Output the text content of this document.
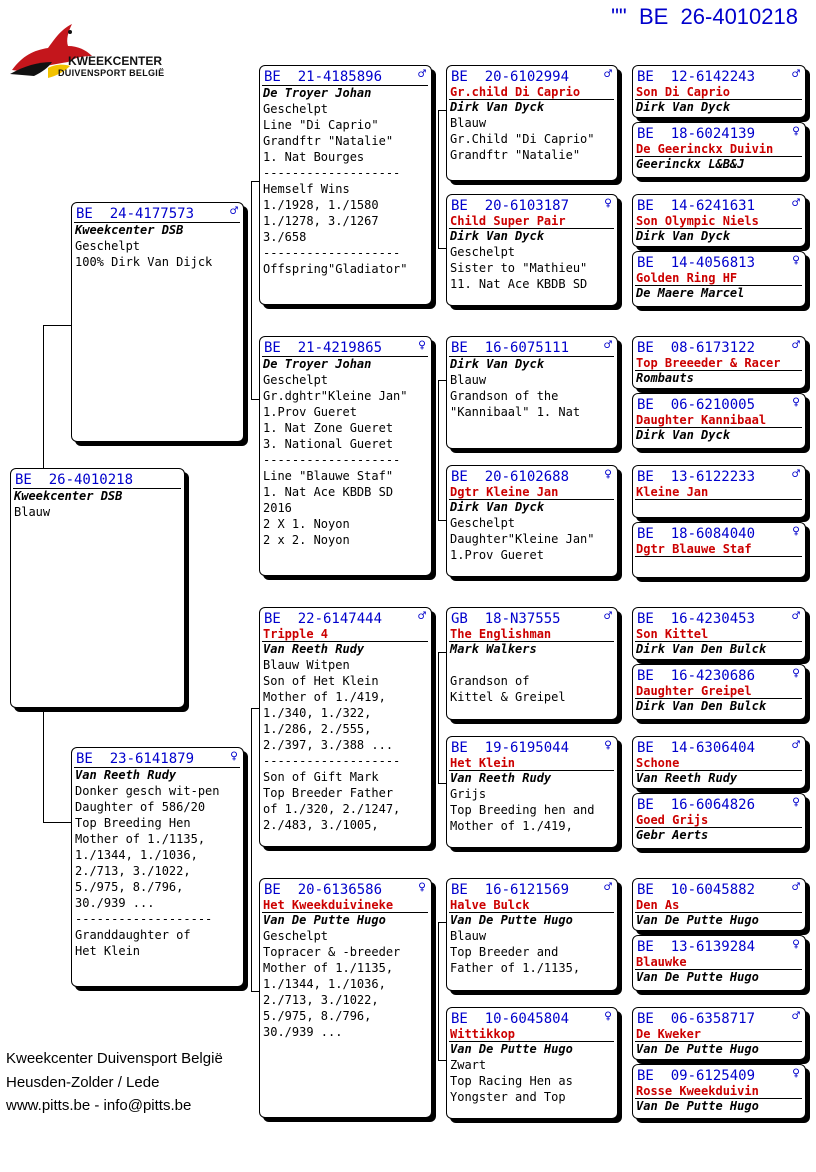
""  BE  26-4010218
KWEEKCENTER
DUIVENSPORT BELGIË
BE  26-4010218
Kweekcenter DSB
Blauw
BE  24-4177573	♂
Kweekcenter DSB
Geschelpt
100% Dirk Van Dijck
BE  23-6141879	♀
Van Reeth Rudy
Donker gesch wit-pen
Daughter of 586/20
Top Breeding Hen
Mother of 1./1135,
1./1344, 1./1036,
2./713, 3./1022,
5./975, 8./796,
30./939 ...
-------------------
Granddaughter of
Het Klein
BE  21-4185896	♂
De Troyer Johan
Geschelpt
Line "Di Caprio"
Grandftr "Natalie"
1. Nat Bourges
-------------------
Hemself Wins
1./1928, 1./1580
1./1278, 3./1267
3./658
-------------------
Offspring"Gladiator"
BE  21-4219865	♀
De Troyer Johan
Geschelpt
Gr.dghtr"Kleine Jan"
1.Prov Gueret
1. Nat Zone Gueret
3. National Gueret
-------------------
Line "Blauwe Staf"
1. Nat Ace KBDB SD
2016
2 X 1. Noyon
2 x 2. Noyon
BE  22-6147444	♂
Tripple 4
Van Reeth Rudy
Blauw Witpen
Son of Het Klein
Mother of 1./419,
1./340, 1./322,
1./286, 2./555,
2./397, 3./388 ...
-------------------
Son of Gift Mark
Top Breeder Father
of 1./320, 2./1247,
2./483, 3./1005,
BE  20-6136586	♀
Het Kweekduivineke
Van De Putte Hugo
Geschelpt
Topracer & -breeder
Mother of 1./1135,
1./1344, 1./1036,
2./713, 3./1022,
5./975, 8./796,
30./939 ...
BE  20-6102994	♂
Gr.child Di Caprio
Dirk Van Dyck
Blauw
Gr.Child "Di Caprio"
Grandftr "Natalie"
BE  20-6103187	♀
Child Super Pair
Dirk Van Dyck
Geschelpt
Sister to "Mathieu"
11. Nat Ace KBDB SD
BE  16-6075111	♂
Dirk Van Dyck
Blauw
Grandson of the
"Kannibaal" 1. Nat
BE  20-6102688	♀
Dgtr Kleine Jan
Dirk Van Dyck
Geschelpt
Daughter"Kleine Jan"
1.Prov Gueret
GB  18-N37555	♂
The Englishman
Mark Walkers
Grandson of
Kittel & Greipel
BE  19-6195044	♀
Het Klein
Van Reeth Rudy
Grijs
Top Breeding hen and
Mother of 1./419,
BE  16-6121569	♂
Halve Bulck
Van De Putte Hugo
Blauw
Top Breeder and
Father of 1./1135,
BE  10-6045804	♀
Wittikkop
Van De Putte Hugo
Zwart
Top Racing Hen as
Yongster and Top
BE  12-6142243	♂
Son Di Caprio
Dirk Van Dyck
BE  18-6024139	♀
De Geerinckx Duivin
Geerinckx L&B&J
BE  14-6241631	♂
Son Olympic Niels
Dirk Van Dyck
BE  14-4056813	♀
Golden Ring HF
De Maere Marcel
BE  08-6173122	♂
Top Breeeder & Racer
Rombauts
BE  06-6210005	♀
Daughter Kannibaal
Dirk Van Dyck
BE  13-6122233	♂
Kleine Jan
BE  18-6084040	♀
Dgtr Blauwe Staf
BE  16-4230453	♂
Son Kittel
Dirk Van Den Bulck
BE  16-4230686	♀
Daughter Greipel
Dirk Van Den Bulck
BE  14-6306404	♂
Schone
Van Reeth Rudy
BE  16-6064826	♀
Goed Grijs
Gebr Aerts
BE  10-6045882	♂
Den As
Van De Putte Hugo
BE  13-6139284	♀
Blauwke
Van De Putte Hugo
BE  06-6358717	♂
De Kweker
Van De Putte Hugo
BE  09-6125409	♀
Rosse Kweekduivin
Van De Putte Hugo
Kweekcenter Duivensport België
Heusden-Zolder / Lede
www.pitts.be - info@pitts.be
